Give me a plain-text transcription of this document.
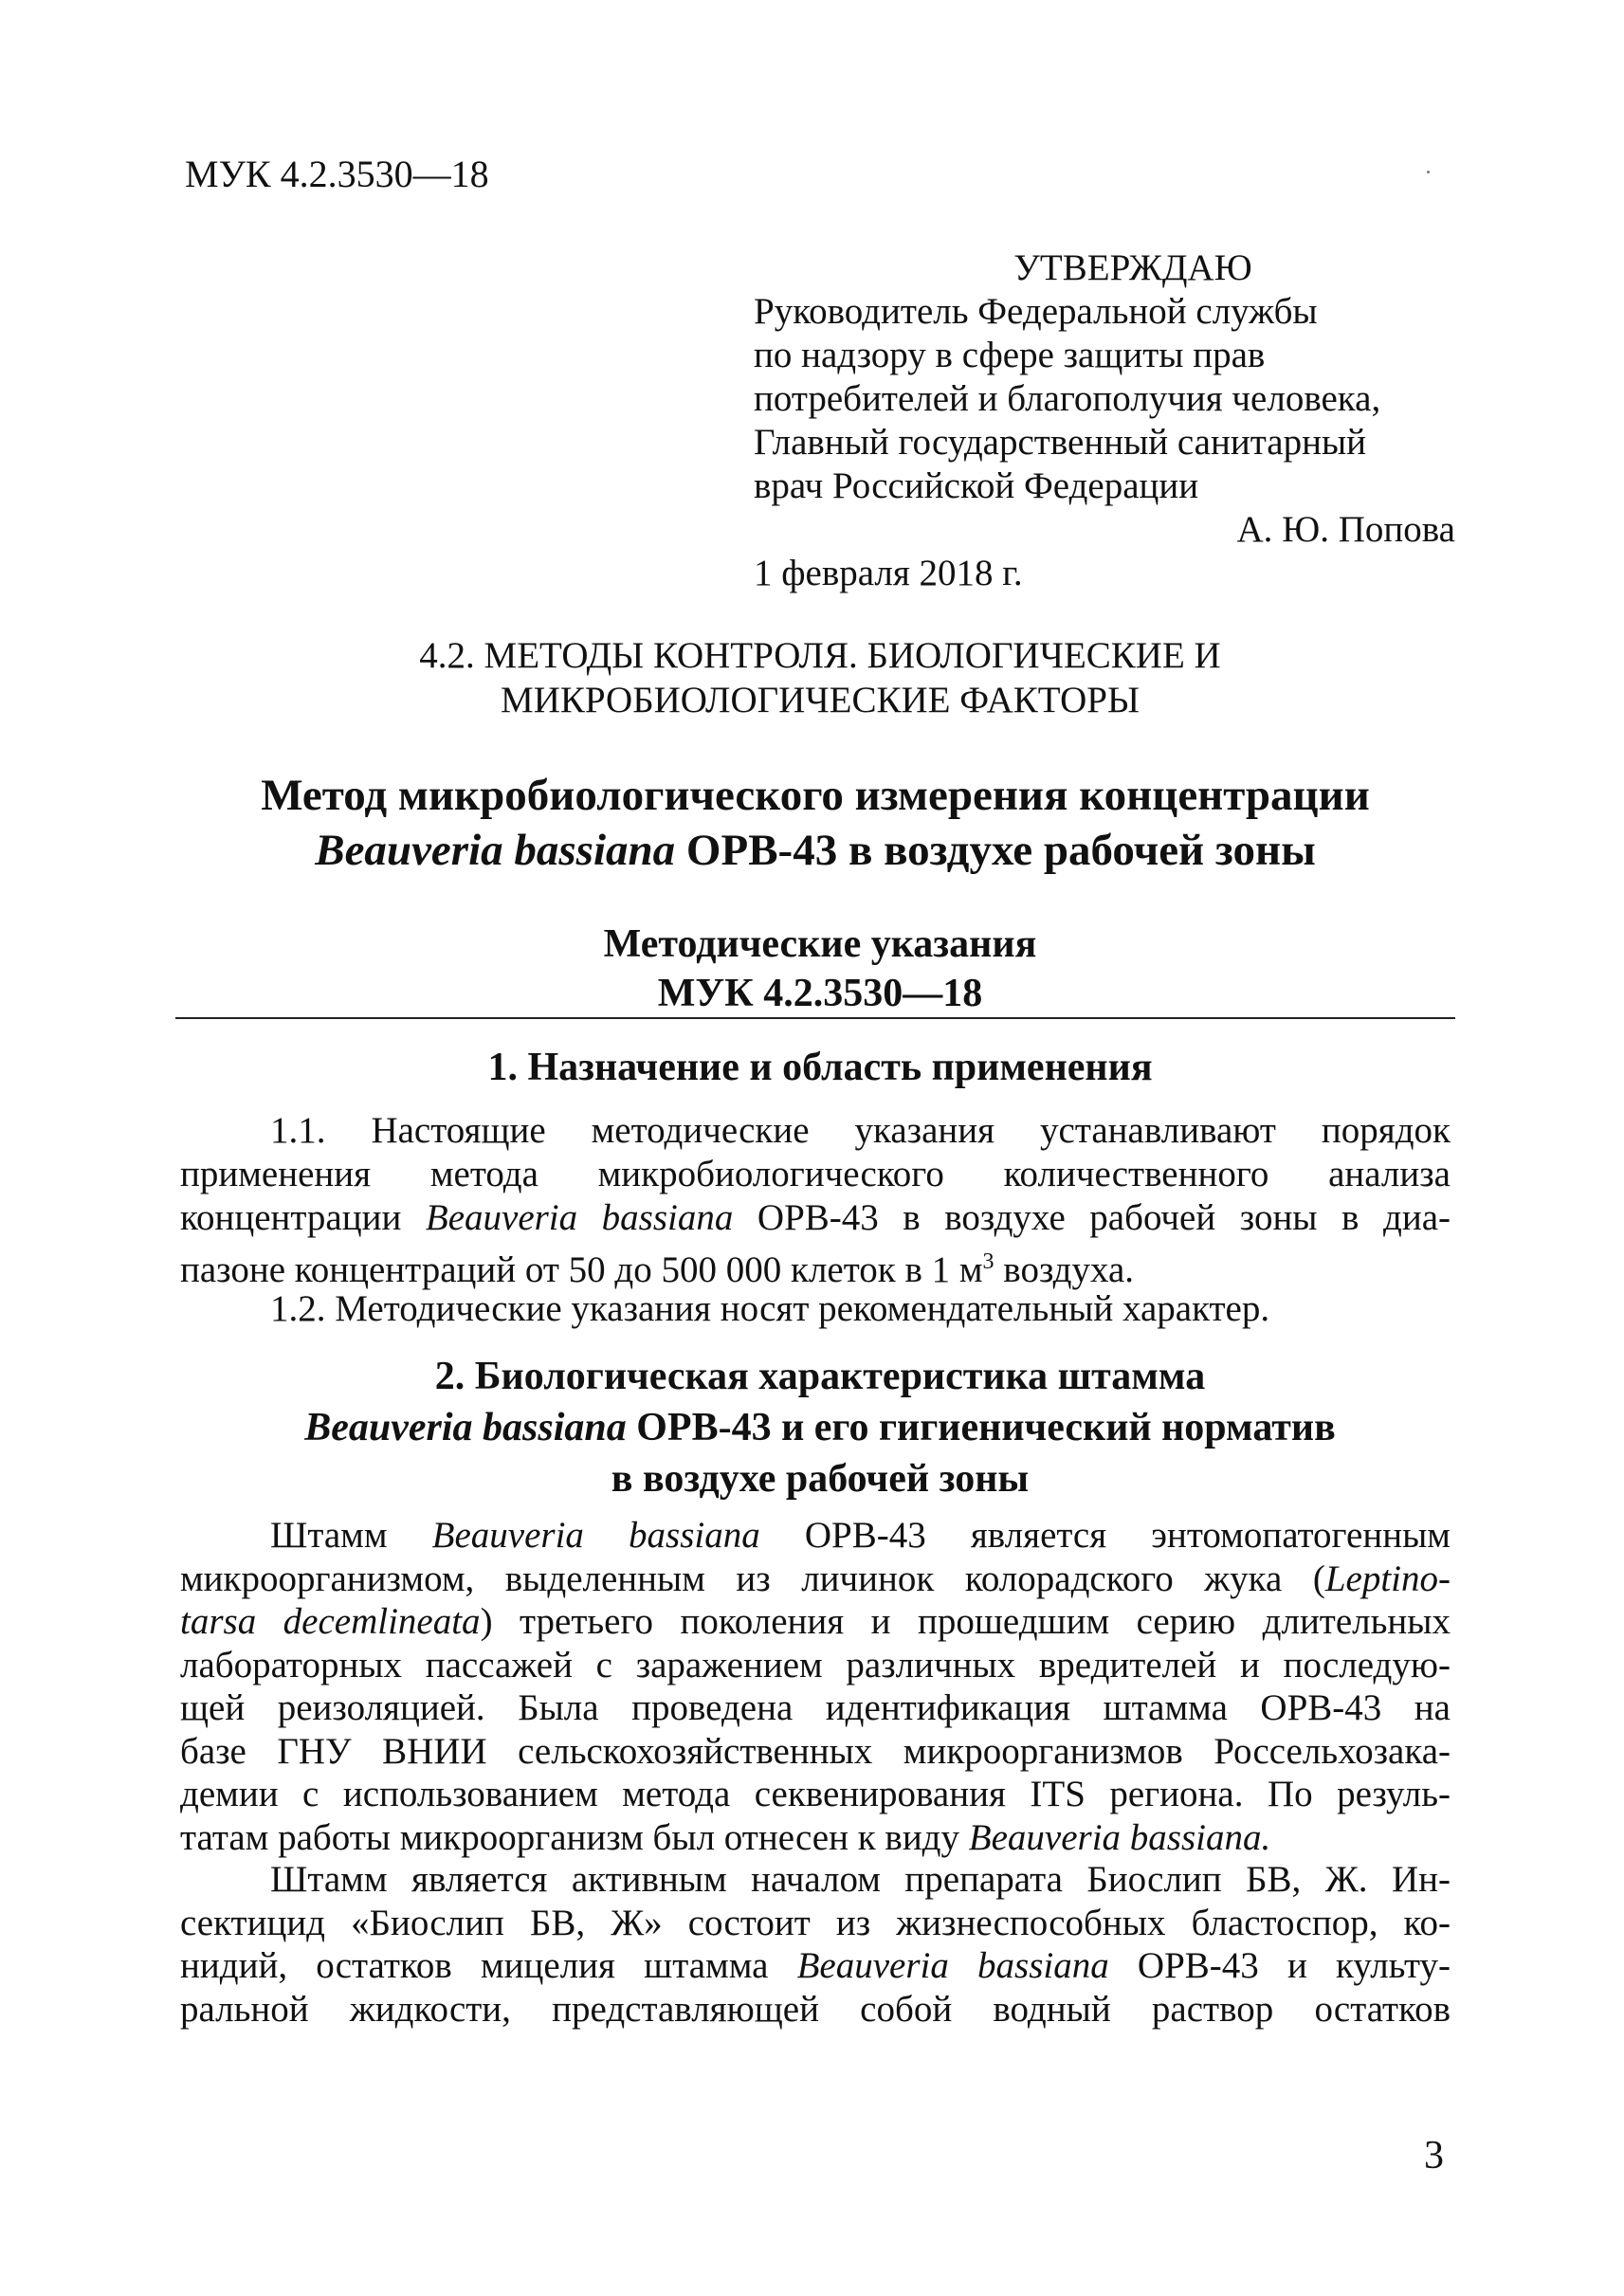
МУК 4.2.3530—18
УТВЕРЖДАЮ
Руководитель Федеральной службы
по надзору в сфере защиты прав
потребителей и благополучия человека,
Главный государственный санитарный
врач Российской Федерации
А. Ю. Попова
1 февраля 2018 г.
4.2. МЕТОДЫ КОНТРОЛЯ. БИОЛОГИЧЕСКИЕ И
МИКРОБИОЛОГИЧЕСКИЕ ФАКТОРЫ
Метод микробиологического измерения концентрации
Beauveria bassiana ОРВ-43 в воздухе рабочей зоны
Методические указания
МУК 4.2.3530—18
1. Назначение и область применения
1.1. Настоящие методические указания устанавливают порядок
применения метода микробиологического количественного анализа
концентрации Beauveria bassiana ОРВ-43 в воздухе рабочей зоны в диа-
пазоне концентраций от 50 до 500 000 клеток в 1 $м^3$ воздуха.
1.2. Методические указания носят рекомендательный характер.
2. Биологическая характеристика штамма
Beauveria bassiana ОРВ-43 и его гигиенический норматив
в воздухе рабочей зоны
Штамм Beauveria bassiana ОРВ-43 является энтомопатогенным
микроорганизмом, выделенным из личинок колорадского жука (Leptino-
tarsa decemlineata) третьего поколения и прошедшим серию длительных
лабораторных пассажей с заражением различных вредителей и последую-
щей реизоляцией. Была проведена идентификация штамма ОРВ-43 на
базе ГНУ ВНИИ сельскохозяйственных микроорганизмов Россельхозака-
демии с использованием метода секвенирования ITS региона. По резуль-
татам работы микроорганизм был отнесен к виду Beauveria bassiana.
Штамм является активным началом препарата Биослип БВ, Ж. Ин-
сектицид «Биослип БВ, Ж» состоит из жизнеспособных бластоспор, ко-
нидий, остатков мицелия штамма Beauveria bassiana ОРВ-43 и культу-
ральной жидкости, представляющей собой водный раствор остатков
3
